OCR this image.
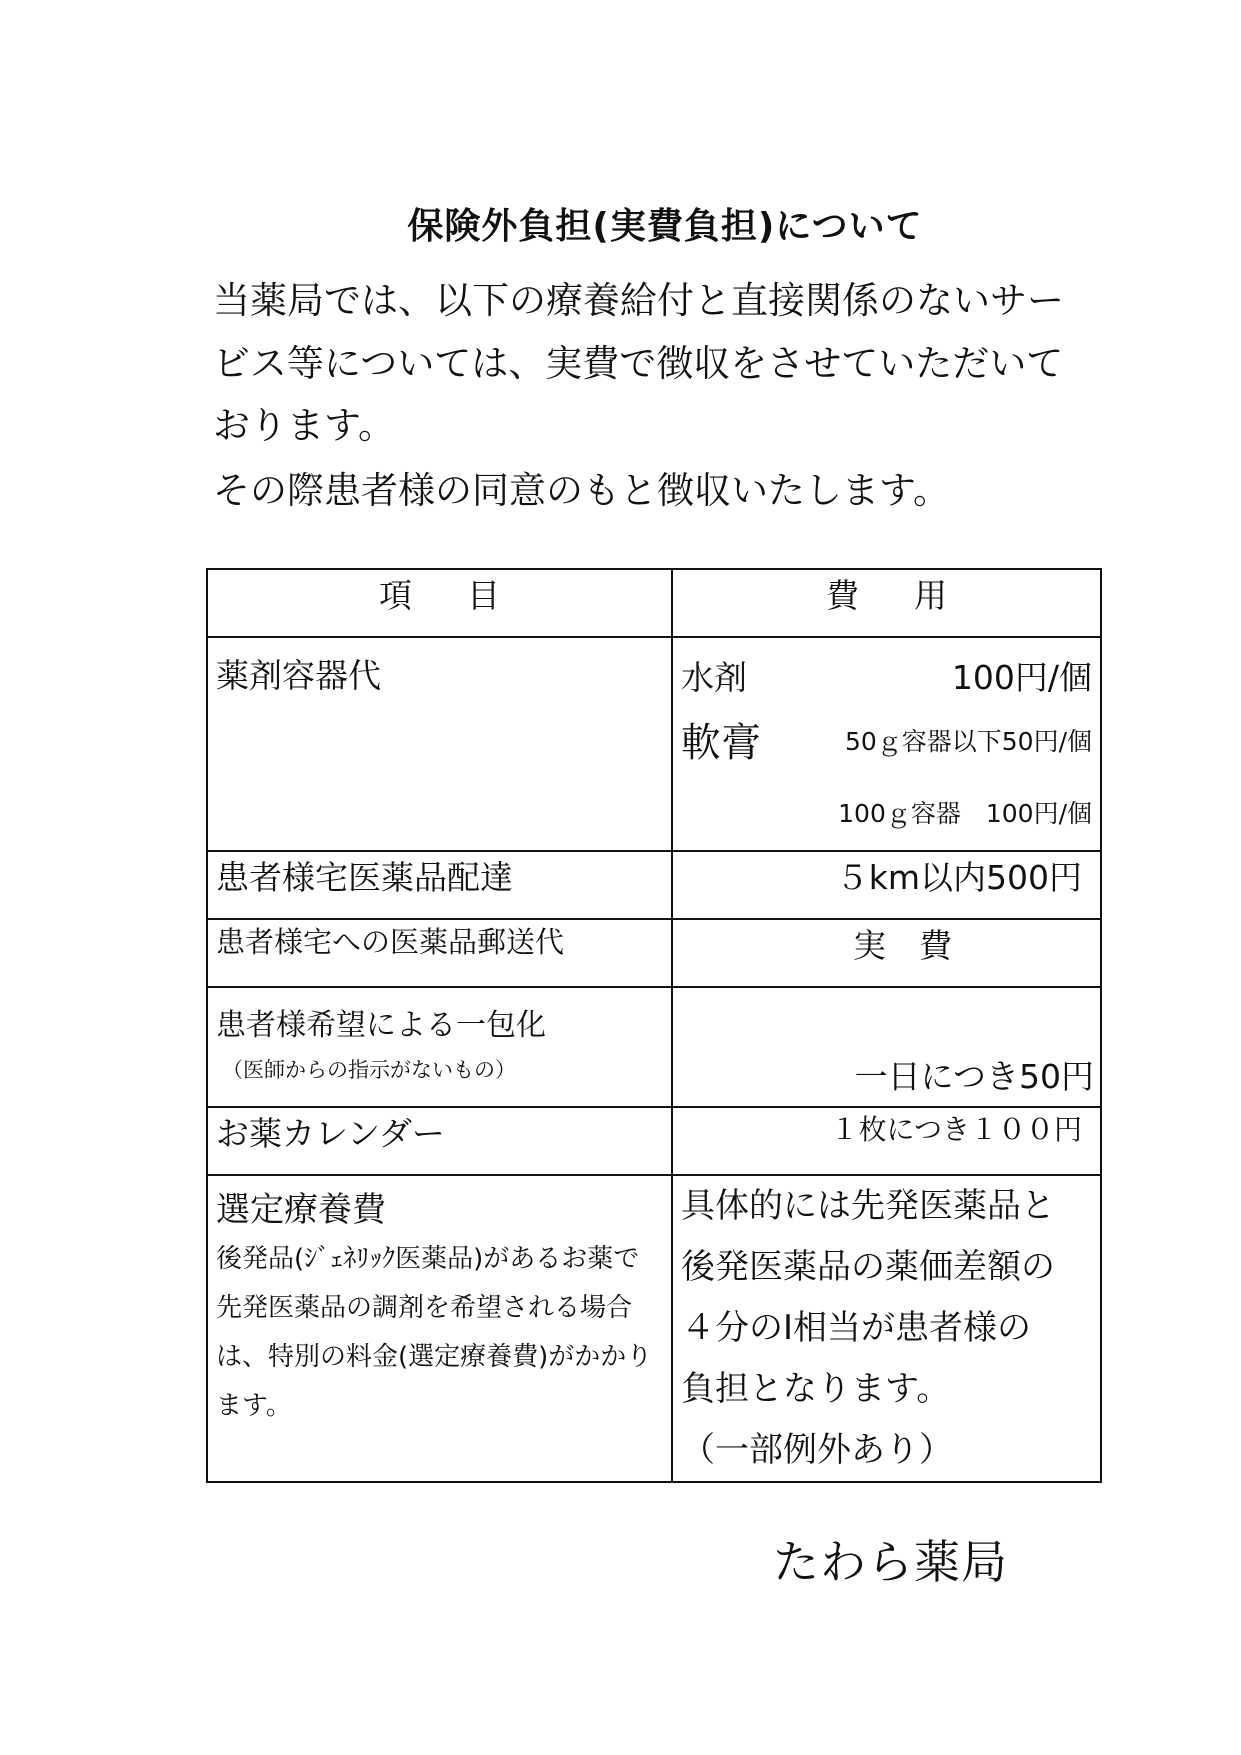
保険外負担(実費負担)について
当薬局では、以下の療養給付と直接関係のないサー
ビス等については、実費で徴収をさせていただいて
おります。
その際患者様の同意のもと徴収いたします。
項目	費用
薬剤容器代	水剤 100円/個
軟膏 50ｇ容器以下50円/個
100ｇ容器　100円/個

患者様宅医薬品配達	５km以内500円
患者様宅への医薬品郵送代	実　費

患者様希望による一包化
（医師からの指示がないもの）	一日につき50円
お薬カレンダー	１枚につき１００円

選定療養費
後発品(ｼﾞｪﾈﾘｯｸ医薬品)があるお薬で先発医薬品の調剤を希望される場合は、特別の料金(選定療養費)がかかります。	具体的には先発医薬品と
後発医薬品の薬価差額の
４分のⅠ相当が患者様の
負担となります。
（一部例外あり）
たわら薬局
